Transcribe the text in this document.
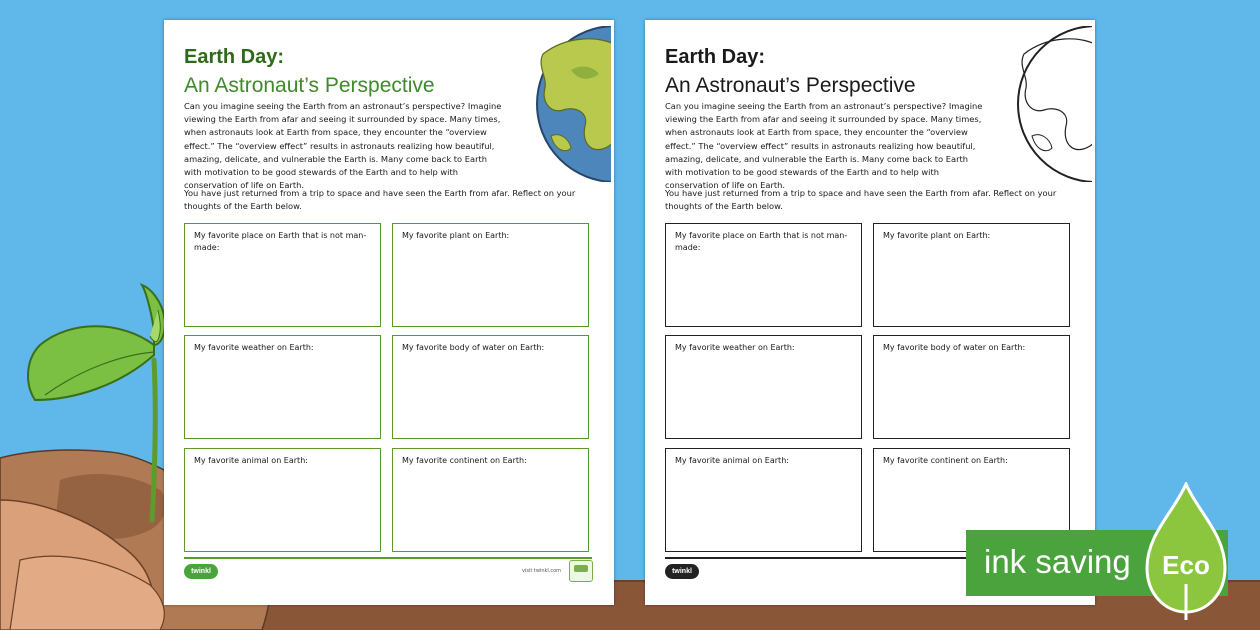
Earth Day:
An Astronaut’s Perspective
Can you imagine seeing the Earth from an astronaut’s perspective? Imagine viewing the Earth from afar and seeing it surrounded by space. Many times, when astronauts look at Earth from space, they encounter the “overview effect.” The “overview effect” results in astronauts realizing how beautiful, amazing, delicate, and vulnerable the Earth is. Many come back to Earth with motivation to be good stewards of the Earth and to help with conservation of life on Earth.
You have just returned from a trip to space and have seen the Earth from afar. Reflect on your thoughts of the Earth below.
My favorite place on Earth that is not man-made:
My favorite plant on Earth:
My favorite weather on Earth:	My favorite body of water on Earth:
My favorite animal on Earth:	My favorite continent on Earth:
twinkl	visit twinkl.com
Earth Day:
An Astronaut’s Perspective
Can you imagine seeing the Earth from an astronaut’s perspective? Imagine viewing the Earth from afar and seeing it surrounded by space. Many times, when astronauts look at Earth from space, they encounter the “overview effect.” The “overview effect” results in astronauts realizing how beautiful, amazing, delicate, and vulnerable the Earth is. Many come back to Earth with motivation to be good stewards of the Earth and to help with conservation of life on Earth.
You have just returned from a trip to space and have seen the Earth from afar. Reflect on your thoughts of the Earth below.
My favorite place on Earth that is not man-made:
My favorite plant on Earth:
My favorite weather on Earth:	My favorite body of water on Earth:
My favorite animal on Earth:	My favorite continent on Earth:
twinkl	ink saving Eco
